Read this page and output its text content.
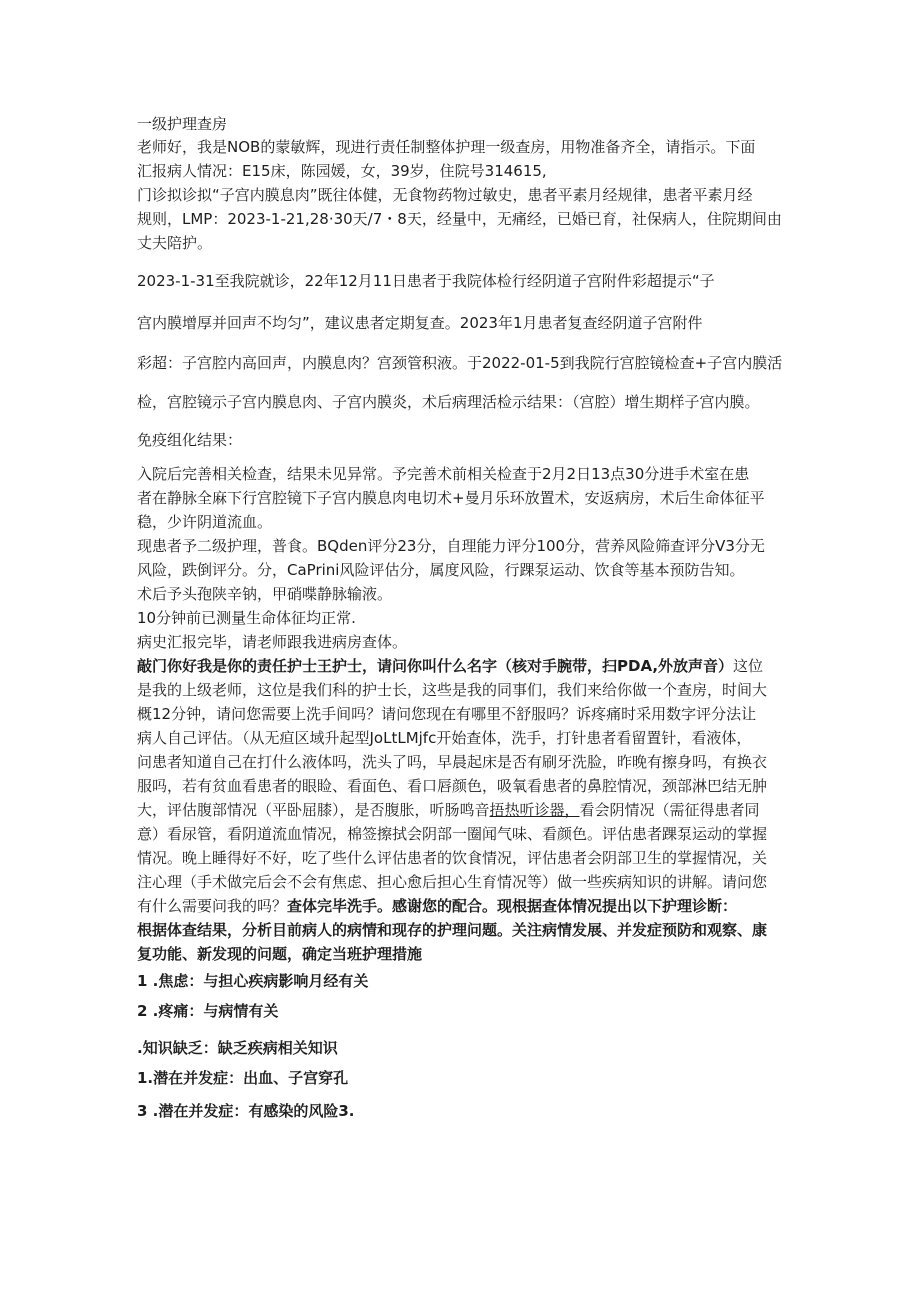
一级护理查房
老师好，我是NOB的蒙敏辉，现进行责任制整体护理一级查房，用物准备齐全，请指示。下面
汇报病人情况：E15床，陈园媛，女，39岁，住院号314615,
门诊拟诊拟“子宫内膜息肉”既往体健，无食物药物过敏史，患者平素月经规律，患者平素月经
规则，LMP：2023-1-21,28·30天/7・8天，经量中，无痛经，已婚已育，社保病人，住院期间由
丈夫陪护。
2023-1-31至我院就诊，22年12月11日患者于我院体检行经阴道子宫附件彩超提示“子
宫内膜增厚并回声不均匀”，建议患者定期复查。2023年1月患者复查经阴道子宫附件
彩超：子宫腔内高回声，内膜息肉？宫颈管积液。于2022-01-5到我院行宫腔镜检查+子宫内膜活
检，宫腔镜示子宫内膜息肉、子宫内膜炎，术后病理活检示结果：（宫腔）增生期样子宫内膜。
免疫组化结果：
入院后完善相关检查，结果未见异常。予完善术前相关检查于2月2日13点30分进手术室在患
者在静脉全麻下行宫腔镜下子宫内膜息肉电切术+曼月乐环放置术，安返病房，术后生命体征平
稳，少许阴道流血。
现患者予二级护理，普食。BQden评分23分，自理能力评分100分，营养风险筛查评分V3分无
风险，跌倒评分。分，CaPrini风险评估分，属度风险，行踝泵运动、饮食等基本预防告知。
术后予头孢陕辛钠，甲硝喋静脉输液。
10分钟前已测量生命体征均正常.
病史汇报完毕，请老师跟我进病房查体。
敲门你好我是你的责任护士王护士，请问你叫什么名字（核对手腕带，扫PDA,外放声音）这位
是我的上级老师，这位是我们科的护士长，这些是我的同事们，我们来给你做一个查房，时间大
概12分钟，请问您需要上洗手间吗？请问您现在有哪里不舒服吗？诉疼痛时采用数字评分法让
病人自己评估。（从无疸区域升起型JoLtLMjfc开始查体，洗手，打针患者看留置针，看液体，
问患者知道自己在打什么液体吗，洗头了吗，早晨起床是否有刷牙洗脸，昨晚有擦身吗，有换衣
服吗，若有贫血看患者的眼睑、看面色、看口唇颜色，吸氧看患者的鼻腔情况，颈部淋巴结无肿
大，评估腹部情况（平卧屈膝），是否腹胀，听肠鸣音捂热听诊器，看会阴情况（需征得患者同
意）看尿管，看阴道流血情况，棉签擦拭会阴部一圈闻气味、看颜色。评估患者踝泵运动的掌握
情况。晚上睡得好不好，吃了些什么评估患者的饮食情况，评估患者会阴部卫生的掌握情况，关
注心理（手术做完后会不会有焦虑、担心愈后担心生育情况等）做一些疾病知识的讲解。请问您
有什么需要问我的吗？查体完毕洗手。感谢您的配合。现根据查体情况提出以下护理诊断：
根据体查结果，分析目前病人的病情和现存的护理问题。关注病情发展、并发症预防和观察、康
复功能、新发现的问题，确定当班护理措施
1 .焦虑：与担心疾病影响月经有关
2 .疼痛：与病情有关
.知识缺乏：缺乏疾病相关知识
1.潜在并发症：出血、子宫穿孔
3 .潜在并发症：有感染的风险3.
